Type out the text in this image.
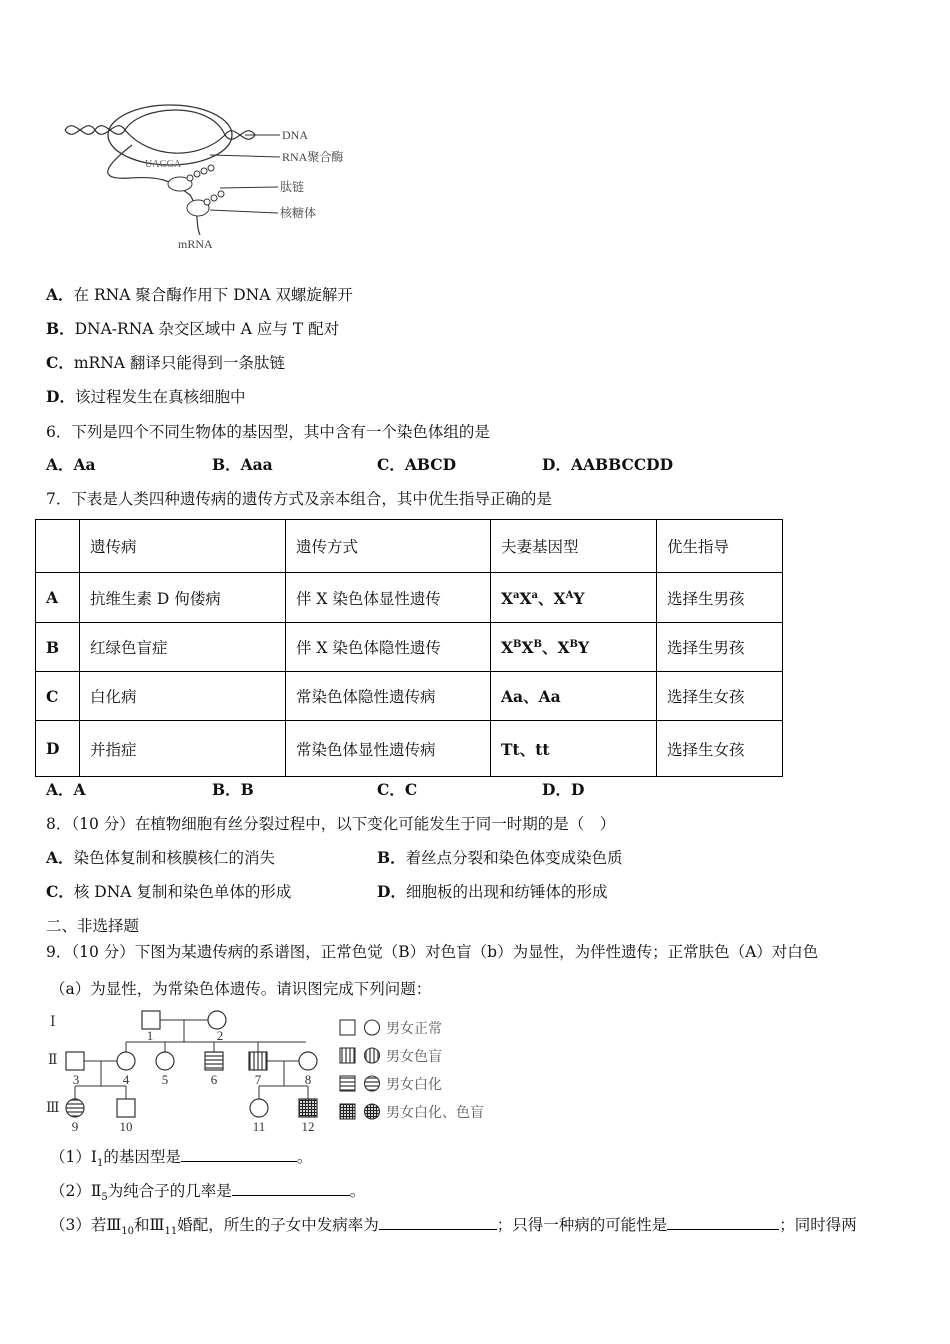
UAGGA
DNA
RNA聚合酶
肽链
核糖体
mRNA
A．在 RNA 聚合酶作用下 DNA 双螺旋解开
B．DNA-RNA 杂交区域中 A 应与 T 配对
C．mRNA 翻译只能得到一条肽链
D．该过程发生在真核细胞中
6．下列是四个不同生物体的基因型，其中含有一个染色体组的是
A．Aa	B．Aaa	C．ABCD	D．AABBCCDD
7．下表是人类四种遗传病的遗传方式及亲本组合，其中优生指导正确的是
	遗传病	遗传方式	夫妻基因型	优生指导
A	抗维生素 D 佝偻病	伴 X 染色体显性遗传	$X^aX^a$、$X^AY$	选择生男孩
B	红绿色盲症	伴 X 染色体隐性遗传	$X^BX^B$、$X^BY$	选择生男孩
C	白化病	常染色体隐性遗传病	Aa、Aa	选择生女孩
D	并指症	常染色体显性遗传病	Tt、tt	选择生女孩
A．A	B．B	C．C	D．D
8．（10 分）在植物细胞有丝分裂过程中，以下变化可能发生于同一时期的是（　）
A．染色体复制和核膜核仁的消失	B．着丝点分裂和染色体变成染色质
C．核 DNA 复制和染色单体的形成	D．细胞板的出现和纺锤体的形成
二、非选择题
9．（10 分）下图为某遗传病的系谱图，正常色觉（B）对色盲（b）为显性，为伴性遗传；正常肤色（A）对白色
（a）为显性，为常染色体遗传。请识图完成下列问题：
Ⅰ
Ⅱ
Ⅲ
1	2
3	4	5	6	7	8
9	10	11	12
男女正常
男女色盲
男女白化
男女白化、色盲
$(1)Ⅰ_1$的基因型是	。
$(2)Ⅱ_5$为纯合子的几率是	。
（3）若$Ⅲ_{10}$和$Ⅲ_{11}$婚配，所生的子女中发病率为	；只得一种病的可能性是	；同时得两
